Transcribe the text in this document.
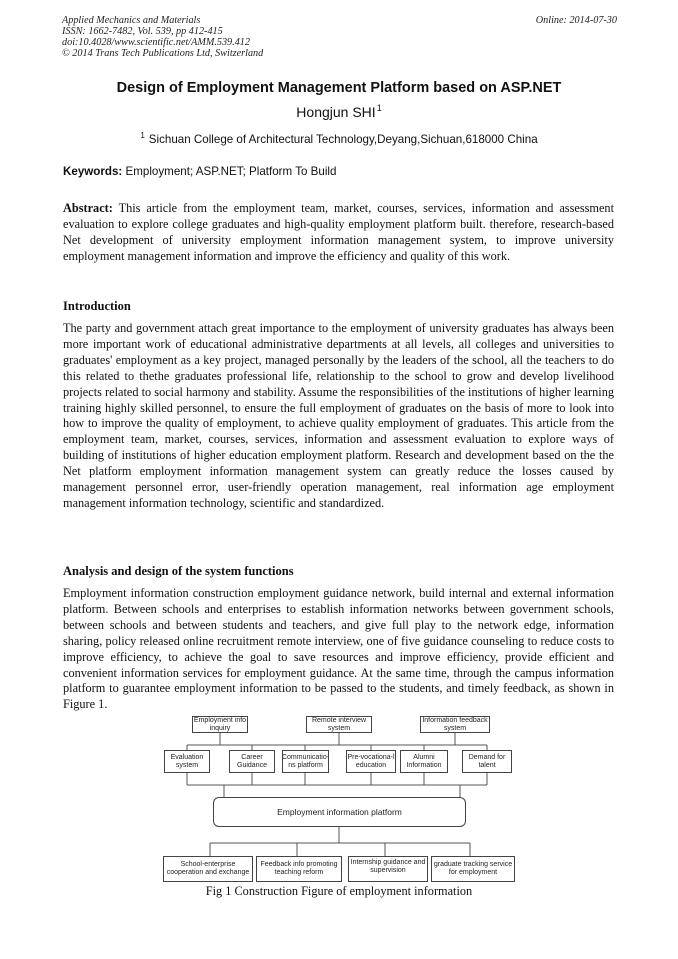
Applied Mechanics and Materials
ISSN: 1662-7482, Vol. 539, pp 412-415
doi:10.4028/www.scientific.net/AMM.539.412
© 2014 Trans Tech Publications Ltd, Switzerland
Online: 2014-07-30
Design of Employment Management Platform based on ASP.NET
Hongjun SHI$^1$
$^1$ Sichuan College of Architectural Technology,Deyang,Sichuan,618000 China
Keywords: Employment; ASP.NET; Platform To Build

Abstract: This article from the employment team, market, courses, services, information and assessment evaluation to explore college graduates and high-quality employment platform built. therefore, research-based Net development of university employment information management system, to improve university employment management information and improve the efficiency and quality of this work.

Introduction

The party and government attach great importance to the employment of university graduates has always been more important work of educational administrative departments at all levels, all colleges and universities to graduates' employment as a key project, managed personally by the leaders of the school, all the teachers to do this related to thethe graduates professional life, relationship to the school to grow and develop livelihood projects related to social harmony and stability. Assume the responsibilities of the institutions of higher learning training highly skilled personnel, to ensure the full employment of graduates on the basis of more to look into how to improve the quality of employment, to achieve quality employment of graduates. This article from the employment team, market, courses, services, information and assessment evaluation to explore ways of building of institutions of higher education employment platform. Research and development based on the the Net platform employment information management system can greatly reduce the losses caused by management personnel error, user-friendly operation management, real information age employment management information technology, scientific and standardized.

Analysis and design of the system functions

Employment information construction employment guidance network, build internal and external information platform. Between schools and enterprises to establish information networks between government schools, between schools and between students and teachers, and give full play to the network edge, information sharing, policy released online recruitment remote interview, one of five guidance counseling to reduce costs to improve efficiency, to achieve the goal to save resources and improve efficiency, provide efficient and convenient information services for employment guidance. At the same time, through the campus information platform to guarantee employment information to be passed to the students, and timely feedback, as shown in Figure 1.

Employment info inquiry
Remote interview system
Information feedback system
Evaluation system
Career Guidance
Communicatio-ns platform
Pre-vocationa-l education
Alumni Information
Demand for talent
Employment information platform
School-enterprise cooperation and exchange
Feedback info promoting teaching reform
Internship guidance and supervision
graduate tracking service for employment
Fig 1 Construction Figure of employment information
